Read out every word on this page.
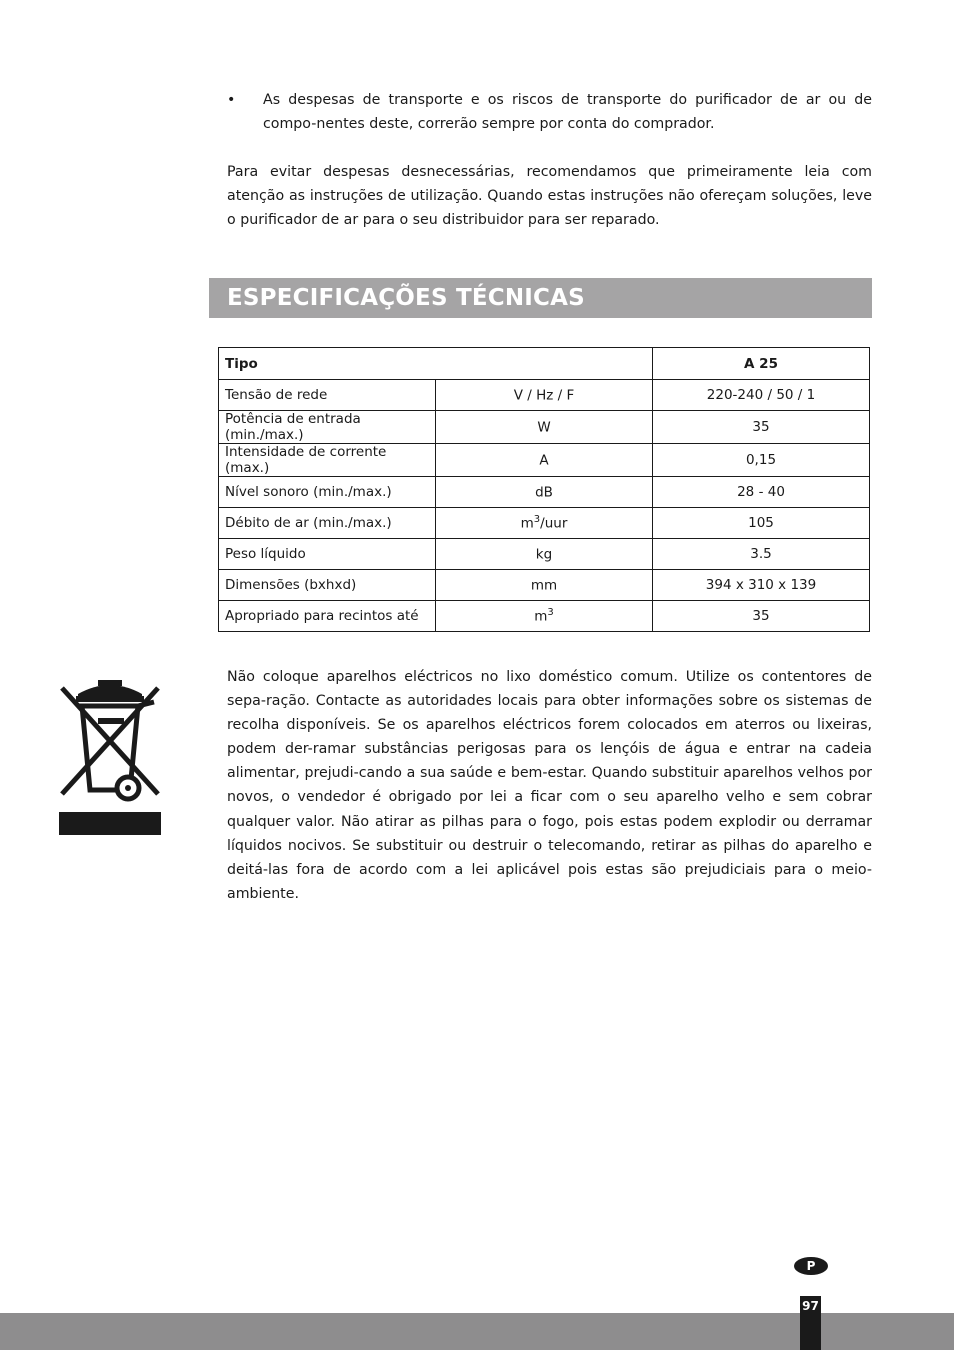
• As despesas de transporte e os riscos de transporte do purificador de ar ou de compo-nentes deste, correrão sempre por conta do comprador.

Para evitar despesas desnecessárias, recomendamos que primeiramente leia com atenção as instruções de utilização. Quando estas instruções não ofereçam soluções, leve o purificador de ar para o seu distribuidor para ser reparado.

ESPECIFICAÇÕES TÉCNICAS
Tipo		A 25
Tensão de rede	V / Hz / F	220-240 / 50 / 1
Potência de entrada (min./max.)	W	35
Intensidade de corrente (max.)	A	0,15
Nível sonoro (min./max.)	dB	28 - 40
Débito de ar (min./max.)	$m^3$/uur	105
Peso líquido	kg	3.5
Dimensões (bxhxd)	mm	394 x 310 x 139
Apropriado para recintos até	$m^3$	35

Não coloque aparelhos eléctricos no lixo doméstico comum. Utilize os contentores de sepa-ração. Contacte as autoridades locais para obter informações sobre os sistemas de recolha disponíveis. Se os aparelhos eléctricos forem colocados em aterros ou lixeiras, podem der-ramar substâncias perigosas para os lençóis de água e entrar na cadeia alimentar, prejudi-cando a sua saúde e bem-estar. Quando substituir aparelhos velhos por novos, o vendedor é obrigado por lei a ficar com o seu aparelho velho e sem cobrar qualquer valor. Não atirar as pilhas para o fogo, pois estas podem explodir ou derramar líquidos nocivos. Se substituir ou destruir o telecomando, retirar as pilhas do aparelho e deitá-las fora de acordo com a lei aplicável pois estas são prejudiciais para o meio-ambiente.

P
97
